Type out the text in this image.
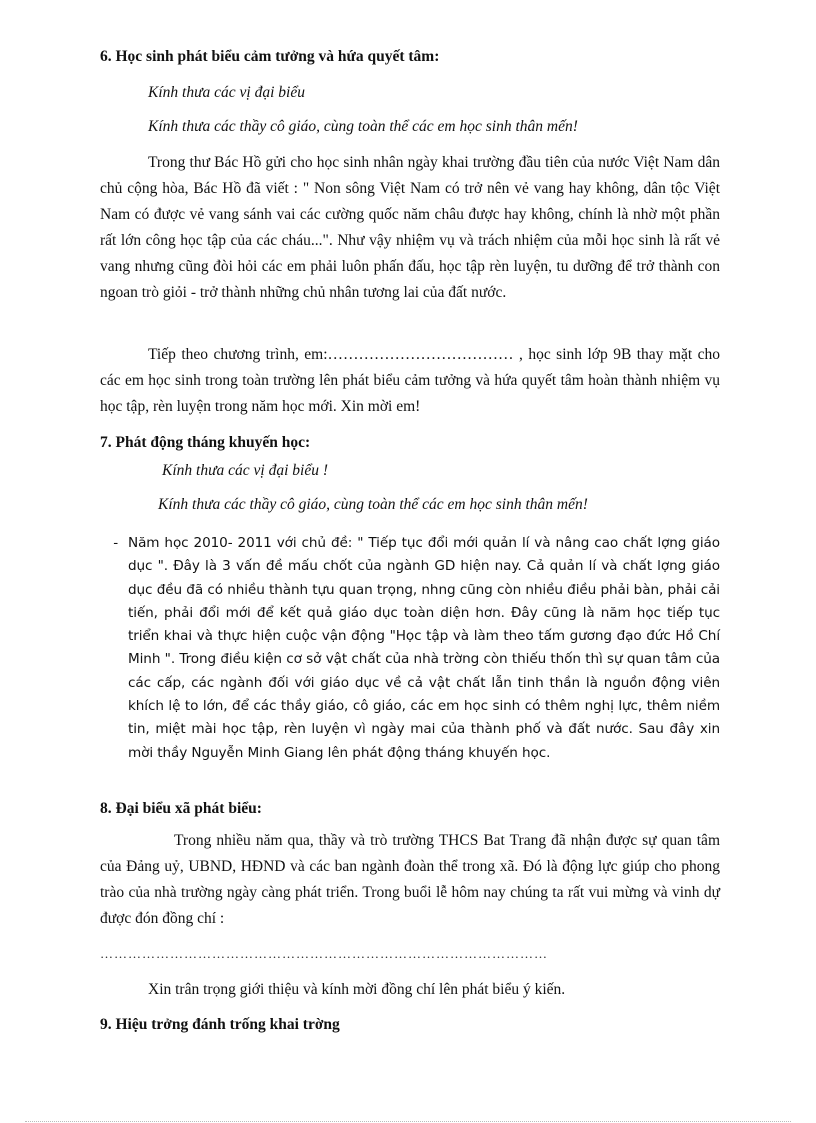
6. Học sinh phát biểu cảm tưởng và hứa quyết tâm:

Kính thưa các vị đại biểu

Kính thưa các thầy cô giáo, cùng toàn thể các em học sinh thân mến!

Trong thư Bác Hồ gửi cho học sinh nhân ngày khai trường đầu tiên của nước Việt Nam dân chủ cộng hòa, Bác Hồ đã viết : " Non sông Việt Nam có trở nên vẻ vang hay không, dân tộc Việt Nam có được vẻ vang sánh vai các cường quốc năm châu được hay không, chính là nhờ một phần rất lớn công học tập của các cháu...". Như vậy nhiệm vụ và trách nhiệm của mỗi học sinh là rất vẻ vang nhưng cũng đòi hỏi các em phải luôn phấn đấu, học tập rèn luyện, tu dưỡng để trở thành con ngoan trò giỏi - trở thành những chủ nhân tương lai của đất nước.

Tiếp theo chương trình, em:……………………………… , học sinh lớp 9B thay mặt cho các em học sinh trong toàn trường lên phát biểu cảm tưởng và hứa quyết tâm hoàn thành nhiệm vụ học tập, rèn luyện trong năm học mới. Xin mời em!

7. Phát động tháng khuyến học:

Kính thưa các vị đại biểu !

Kính thưa các thầy cô giáo, cùng toàn thể các em học sinh thân mến!

- Năm học 2010- 2011 với chủ đề: " Tiếp tục đổi mới quản lí và nâng cao chất lợng giáo dục ". Đây là 3 vấn đề mấu chốt của ngành GD hiện nay. Cả quản lí và chất lợng giáo dục đều đã có nhiều thành tựu quan trọng, nhng cũng còn nhiều điều phải bàn, phải cải tiến, phải đổi mới để kết quả giáo dục toàn diện hơn. Đây cũng là năm học tiếp tục triển khai và thực hiện cuộc vận động "Học tập và làm theo tấm gương đạo đức Hồ Chí Minh ". Trong điều kiện cơ sở vật chất của nhà trờng còn thiếu thốn thì sự quan tâm của các cấp, các ngành đối với giáo dục về cả vật chất lẫn tinh thần là nguồn động viên khích lệ to lớn, để các thầy giáo, cô giáo, các em học sinh có thêm nghị lực, thêm niềm tin, miệt mài học tập, rèn luyện vì ngày mai của thành phố và đất nước. Sau đây xin mời thầy Nguyễn Minh Giang lên phát động tháng khuyến học.

8. Đại biểu xã phát biểu:

Trong nhiều năm qua, thầy và trò trường THCS Bat Trang đã nhận được sự quan tâm của Đảng uỷ, UBND, HĐND và các ban ngành đoàn thể trong xã. Đó là động lực giúp cho phong trào của nhà trường ngày càng phát triển. Trong buổi lễ hôm nay chúng ta rất vui mừng và vinh dự được đón đồng chí :

……………………………………………………………………………………

Xin trân trọng giới thiệu và kính mời đồng chí lên phát biểu ý kiến.

9. Hiệu trởng đánh trống khai trờng
